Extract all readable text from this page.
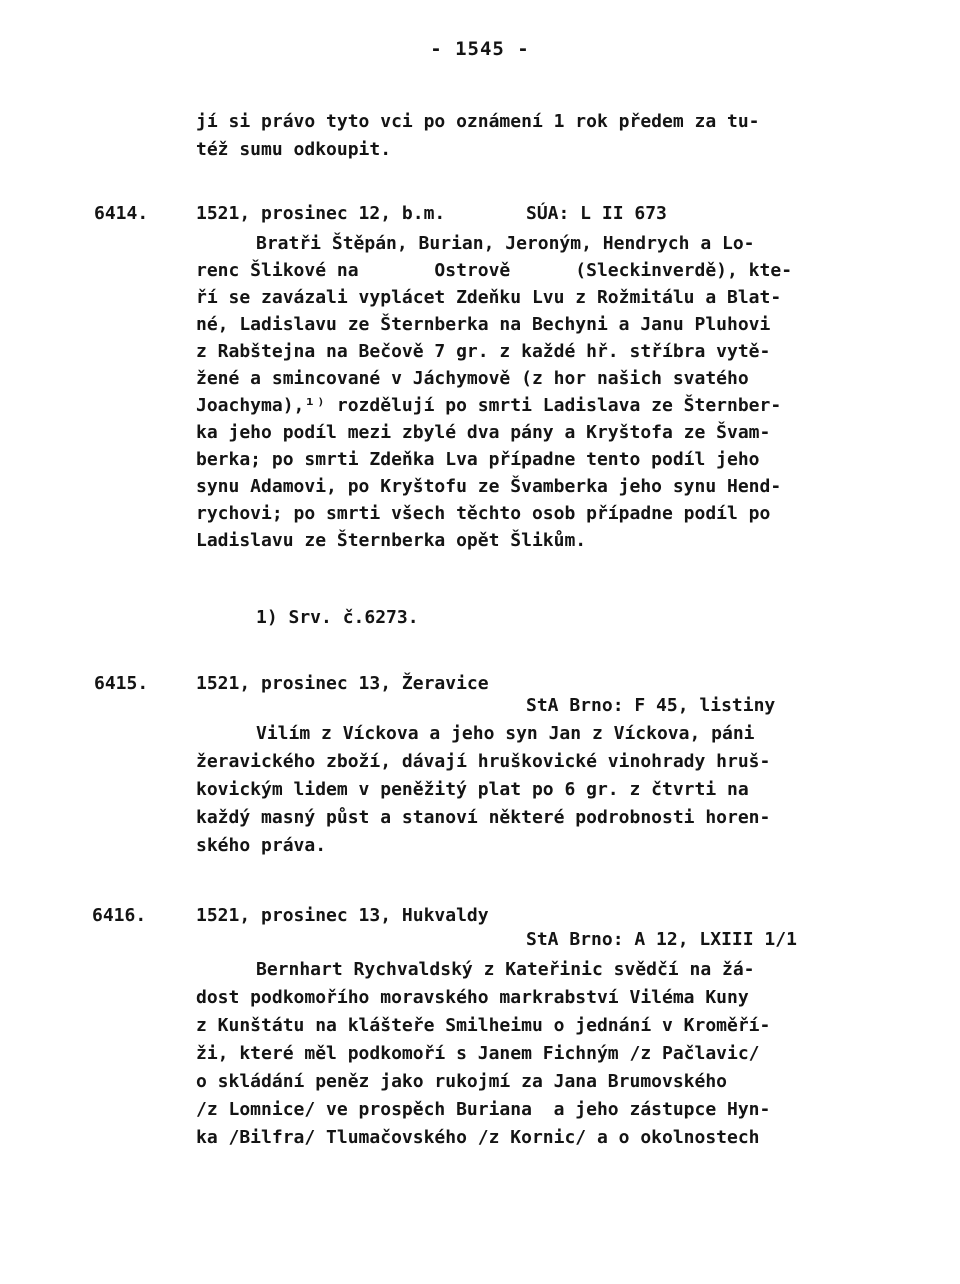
- 1545 -
jí si právo tyto vci po oznámení 1 rok předem za tu-
též sumu odkoupit.
6414.	1521, prosinec 12, b.m.	SÚA: L II 673
Bratři Štěpán, Burian, Jeroným, Hendrych a Lo-
renc Šlikové na       Ostrově      (Sleckinverdě), kte-
ří se zavázali vyplácet Zdeňku Lvu z Rožmitálu a Blat-
né, Ladislavu ze Šternberka na Bechyni a Janu Pluhovi
z Rabštejna na Bečově 7 gr. z každé hř. stříbra vytě-
žené a smincované v Jáchymově (z hor našich svatého
Joachyma),¹⁾ rozdělují po smrti Ladislava ze Šternber-
ka jeho podíl mezi zbylé dva pány a Kryštofa ze Švam-
berka; po smrti Zdeňka Lva případne tento podíl jeho
synu Adamovi, po Kryštofu ze Švamberka jeho synu Hend-
rychovi; po smrti všech těchto osob případne podíl po
Ladislavu ze Šternberka opět Šlikům.
1) Srv. č.6273.
6415.	1521, prosinec 13, Žeravice
StA Brno: F 45, listiny
Vilím z Víckova a jeho syn Jan z Víckova, páni
žeravického zboží, dávají hruškovické vinohrady hruš-
kovickým lidem v peněžitý plat po 6 gr. z čtvrti na
každý masný půst a stanoví některé podrobnosti horen-
ského práva.
6416.	1521, prosinec 13, Hukvaldy
StA Brno: A 12, LXIII 1/1
Bernhart Rychvaldský z Kateřinic svědčí na žá-
dost podkomořího moravského markrabství Viléma Kuny
z Kunštátu na klášteře Smilheimu o jednání v Kroměří-
ži, které měl podkomoří s Janem Fichným /z Pačlavic/
o skládání peněz jako rukojmí za Jana Brumovského
/z Lomnice/ ve prospěch Buriana  a jeho zástupce Hyn-
ka /Bilfra/ Tlumačovského /z Kornic/ a o okolnostech
